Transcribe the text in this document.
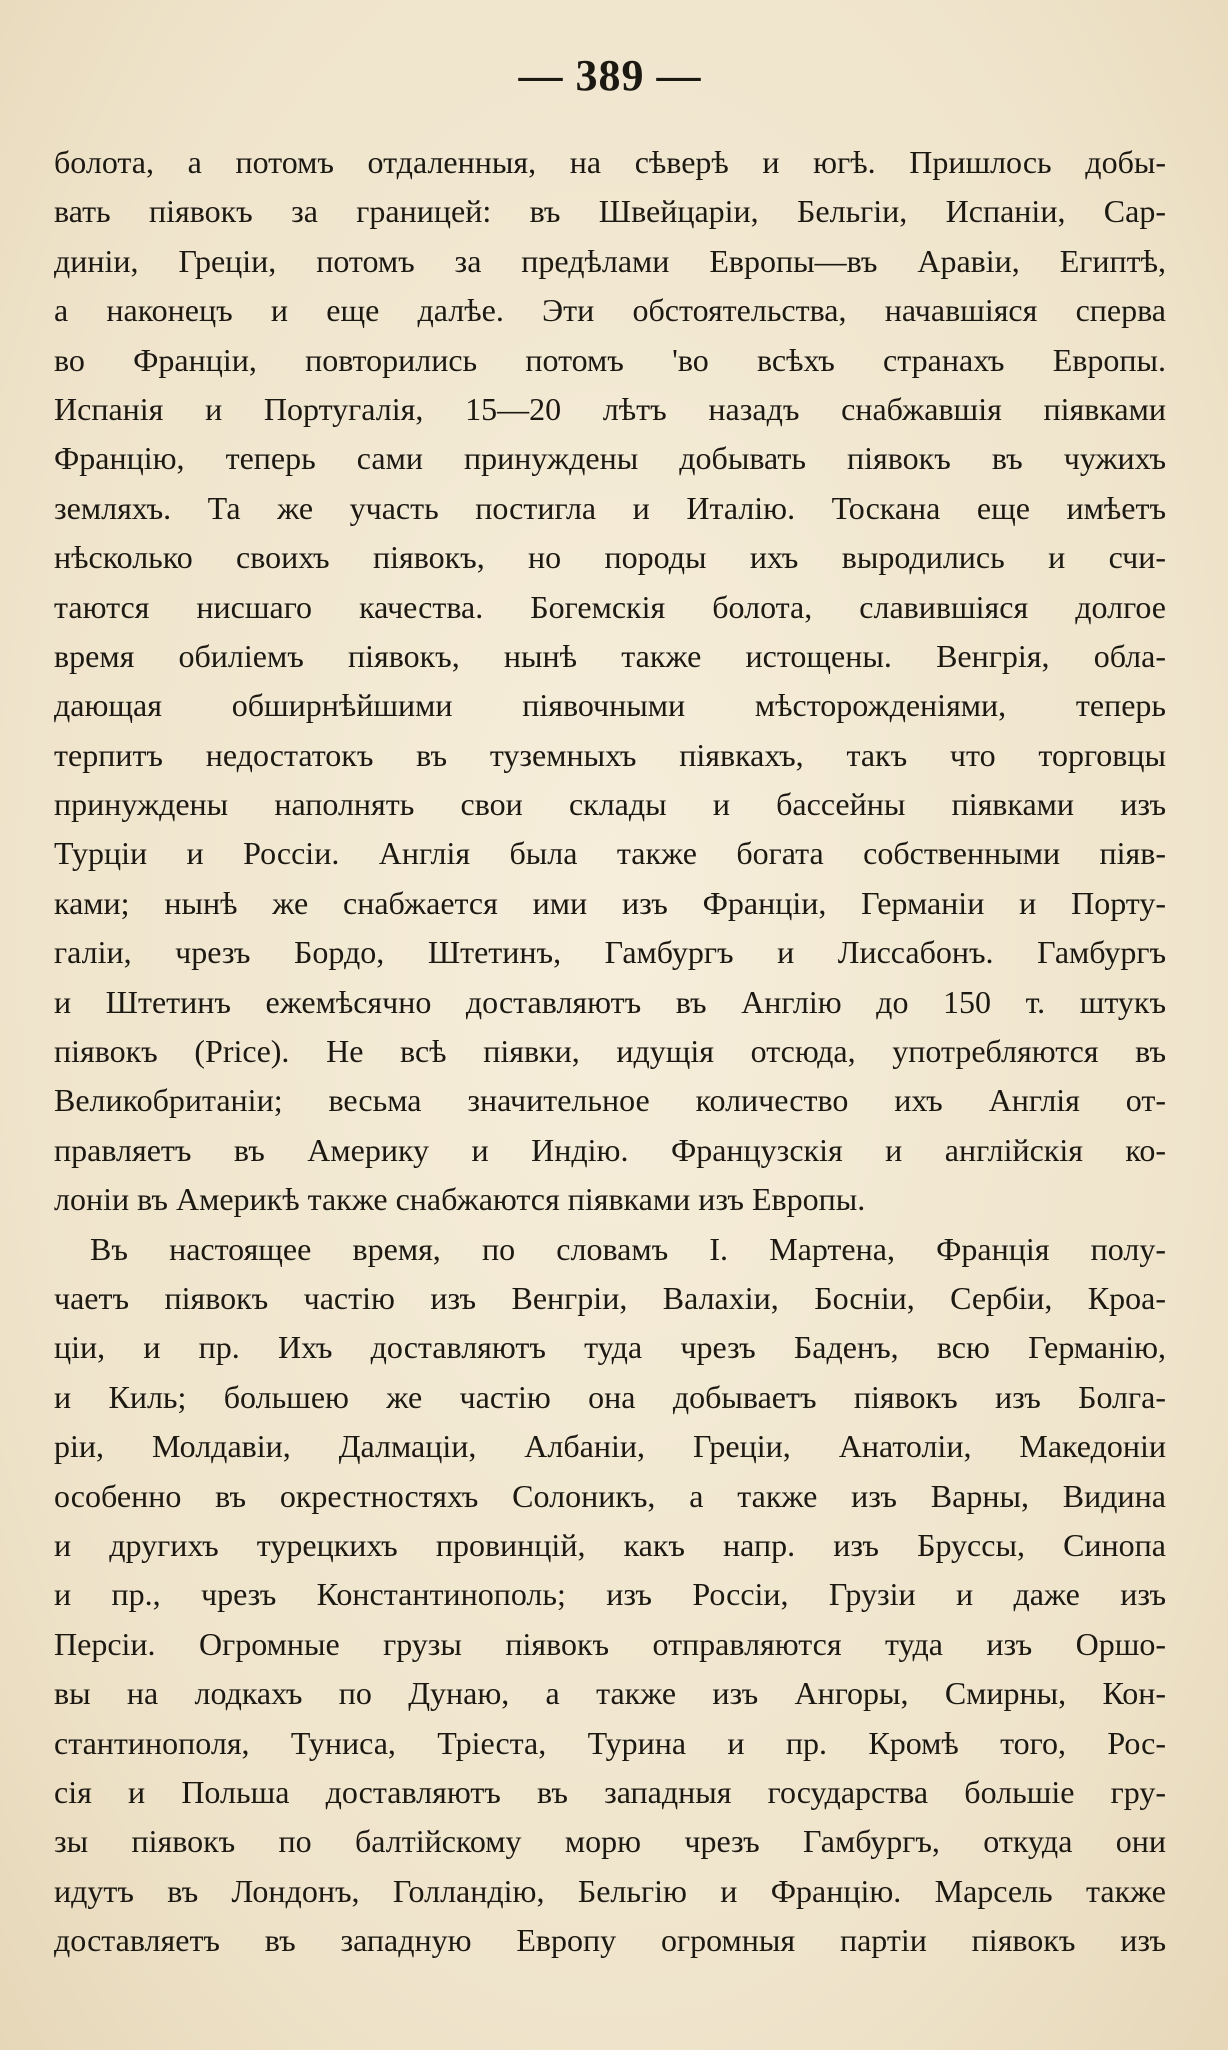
— 389 —
болота, а потомъ отдаленныя, на сѣверѣ и югѣ. Пришлось добы-
вать піявокъ за границей: въ Швейцаріи, Бельгіи, Испаніи, Сар-
диніи, Греціи, потомъ за предѣлами Европы—въ Аравіи, Египтѣ,
а наконецъ и еще далѣе. Эти обстоятельства, начавшіяся сперва
во Франціи, повторились потомъ 'во всѣхъ странахъ Европы.
Испанія и Португалія, 15—20 лѣтъ назадъ снабжавшія піявками
Францію, теперь сами принуждены добывать піявокъ въ чужихъ
земляхъ. Та же участь постигла и Италію. Тоскана еще имѣетъ
нѣсколько своихъ піявокъ, но породы ихъ выродились и счи-
таются нисшаго качества. Богемскія болота, славившіяся долгое
время обиліемъ піявокъ, нынѣ также истощены. Венгрія, обла-
дающая обширнѣйшими піявочными мѣсторожденіями, теперь
терпитъ недостатокъ въ туземныхъ піявкахъ, такъ что торговцы
принуждены наполнять свои склады и бассейны піявками изъ
Турціи и Россіи. Англія была также богата собственными піяв-
ками; нынѣ же снабжается ими изъ Франціи, Германіи и Порту-
галіи, чрезъ Бордо, Штетинъ, Гамбургъ и Лиссабонъ. Гамбургъ
и Штетинъ ежемѣсячно доставляютъ въ Англію до 150 т. штукъ
піявокъ (Price). Не всѣ піявки, идущія отсюда, употребляются въ
Великобританіи; весьма значительное количество ихъ Англія от-
правляетъ въ Америку и Индію. Французскія и англійскія ко-
лоніи въ Америкѣ также снабжаются піявками изъ Европы.
Въ настоящее время, по словамъ І. Мартена, Франція полу-
чаетъ піявокъ частію изъ Венгріи, Валахіи, Босніи, Сербіи, Кроа-
ціи, и пр. Ихъ доставляютъ туда чрезъ Баденъ, всю Германію,
и Киль; большею же частію она добываетъ піявокъ изъ Болга-
ріи, Молдавіи, Далмаціи, Албаніи, Греціи, Анатоліи, Македоніи
особенно въ окрестностяхъ Солоникъ, а также изъ Варны, Видина
и другихъ турецкихъ провинцій, какъ напр. изъ Бруссы, Синопа
и пр., чрезъ Константинополь; изъ Россіи, Грузіи и даже изъ
Персіи. Огромные грузы піявокъ отправляются туда изъ Оршо-
вы на лодкахъ по Дунаю, а также изъ Ангоры, Смирны, Кон-
стантинополя, Туниса, Тріеста, Турина и пр. Кромѣ того, Рос-
сія и Польша доставляютъ въ западныя государства большіе гру-
зы піявокъ по балтійскому морю чрезъ Гамбургъ, откуда они
идутъ въ Лондонъ, Голландію, Бельгію и Францію. Марсель также
доставляетъ въ западную Европу огромныя партіи піявокъ изъ
